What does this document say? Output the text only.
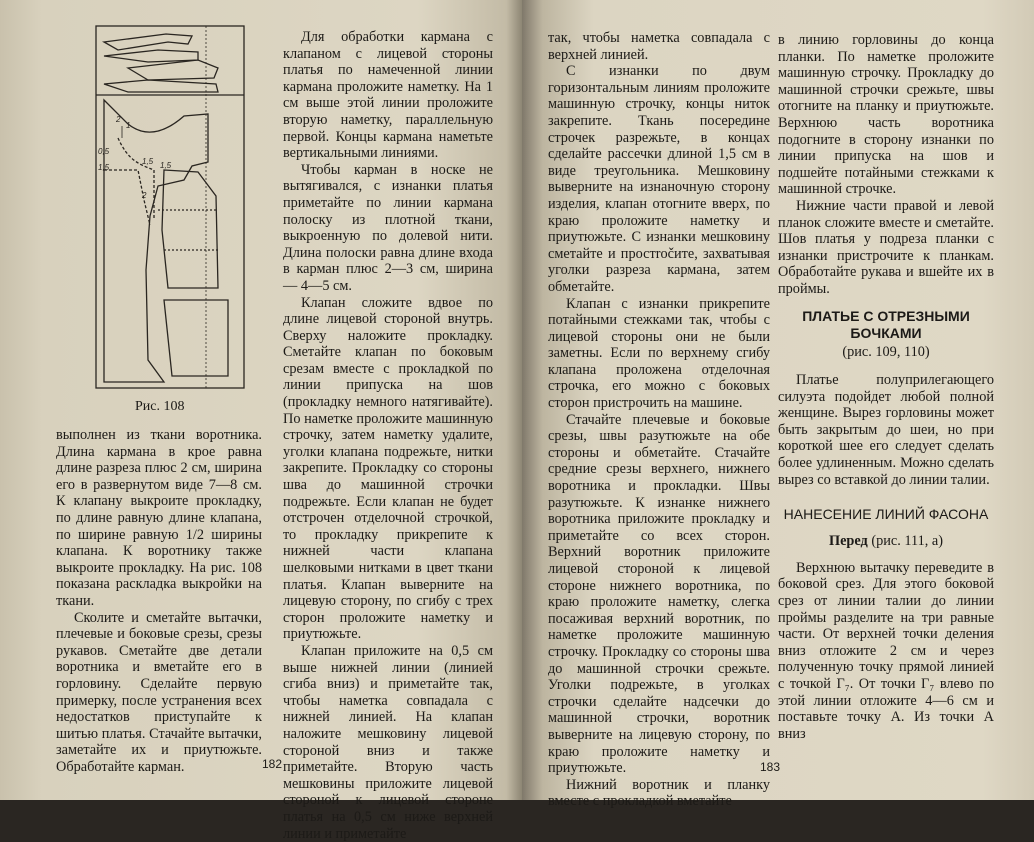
2
1
0,5
1,5 1,5
1,5
2
Рис. 108

выполнен из ткани воротника. Длина кармана в крое равна длине разреза плюс 2 см, ширина его в развернутом виде 7—8 см. К клапану выкроите прокладку, по длине равную длине клапана, по ширине равную 1/2 ширины клапана. К воротнику также выкроите прокладку. На рис. 108 показана раскладка выкройки на ткани.

Сколите и сметайте вытачки, плечевые и боковые срезы, срезы рукавов. Сметайте две детали воротника и вметайте его в горловину. Сделайте первую примерку, после устранения всех недостатков приступайте к шитью платья. Стачайте вытачки, заметайте их и приутюжьте. Обработайте карман.

Для обработки кармана с клапаном с лицевой стороны платья по намеченной линии кармана проложите наметку. На 1 см выше этой линии проложите вторую наметку, параллельную первой. Концы кармана наметьте вертикальными линиями.

Чтобы карман в носке не вытягивался, с изнанки платья приметайте по линии кармана полоску из плотной ткани, выкроенную по долевой нити. Длина полоски равна длине входа в карман плюс 2—3 см, ширина — 4—5 см.

Клапан сложите вдвое по длине лицевой стороной внутрь. Сверху наложите прокладку. Сметайте клапан по боковым срезам вместе с прокладкой по линии припуска на шов (прокладку немного натягивайте). По наметке проложите машинную строчку, затем наметку удалите, уголки клапана подрежьте, нитки закрепите. Прокладку со стороны шва до машинной строчки подрежьте. Если клапан не будет отстрочен отделочной строчкой, то прокладку прикрепите к нижней части клапана шелковыми нитками в цвет ткани платья. Клапан выверните на лицевую сторону, по сгибу с трех сторон проложите наметку и приутюжьте.

Клапан приложите на 0,5 см выше нижней линии (линией сгиба вниз) и приметайте так, чтобы наметка совпадала с нижней линией. На клапан наложите мешковину лицевой стороной вниз и также приметайте. Вторую часть мешковины приложите лицевой стороной к лицевой стороне платья на 0,5 см ниже верхней линии и приметайте

182

так, чтобы наметка совпадала с верхней линией.

С изнанки по двум горизонтальным линиям проложите машинную строчку, концы ниток закрепите. Ткань посередине строчек разрежьте, в концах сделайте рассечки длиной 1,5 см в виде треугольника. Мешковину выверните на изнаночную сторону изделия, клапан отогните вверх, по краю проложите наметку и приутюжьте. С изнанки мешковину сметайте и простročите, захватывая уголки разреза кармана, затем обметайте.

Клапан с изнанки прикрепите потайными стежками так, чтобы с лицевой стороны они не были заметны. Если по верхнему сгибу клапана проложена отделочная строчка, его можно с боковых сторон пристрочить на машине.

Стачайте плечевые и боковые срезы, швы разутюжьте на обе стороны и обметайте. Стачайте средние срезы верхнего, нижнего воротника и прокладки. Швы разутюжьте. К изнанке нижнего воротника приложите прокладку и приметайте со всех сторон. Верхний воротник приложите лицевой стороной к лицевой стороне нижнего воротника, по краю проложите наметку, слегка посаживая верхний воротник, по наметке проложите машинную строчку. Прокладку со стороны шва до машинной строчки срежьте. Уголки подрежьте, в уголках строчки сделайте надсечки до машинной строчки, воротник выверните на лицевую сторону, по краю проложите наметку и приутюжьте.

Нижний воротник и планку вместе с прокладкой вметайте

в линию горловины до конца планки. По наметке проложите машинную строчку. Прокладку до машинной строчки срежьте, швы отогните на планку и приутюжьте. Верхнюю часть воротника подогните в сторону изнанки по линии припуска на шов и подшейте потайными стежками к машинной строчке.

Нижние части правой и левой планок сложите вместе и сметайте. Шов платья у подреза планки с изнанки пристрочите к планкам. Обработайте рукава и вшейте их в проймы.

ПЛАТЬЕ С ОТРЕЗНЫМИ БОЧКАМИ
(рис. 109, 110)

Платье полуприлегающего силуэта подойдет любой полной женщине. Вырез горловины может быть закрытым до шеи, но при короткой шее его следует сделать более удлиненным. Можно сделать вырез со вставкой до линии талии.

НАНЕСЕНИЕ ЛИНИЙ ФАСОНА
Перед (рис. 111, а)

Верхнюю вытачку переведите в боковой срез. Для этого боковой срез от линии талии до линии проймы разделите на три равные части. От верхней точки деления вниз отложите 2 см и через полученную точку прямой линией с точкой Г₇. От точки Г₇ влево по этой линии отложите 4—6 см и поставьте точку А. Из точки А вниз

183
